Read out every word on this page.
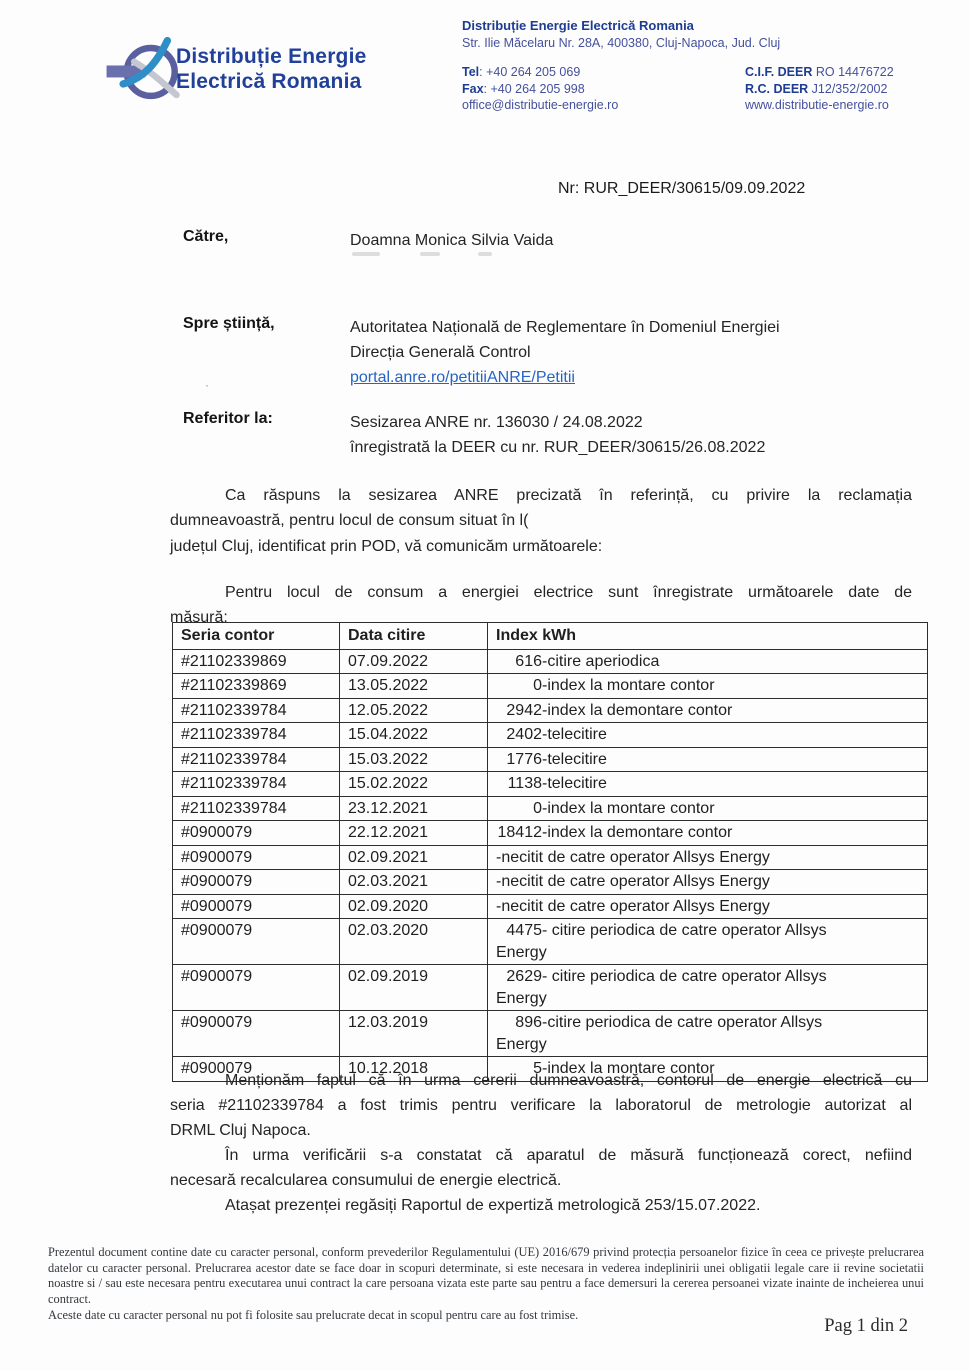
Distribuție Energie
Electrică Romania
Distribuție Energie Electrică Romania
Str. Ilie Măcelaru Nr. 28A, 400380, Cluj-Napoca, Jud. Cluj
Tel: +40 264 205 069
Fax: +40 264 205 998
office@distributie-energie.ro
C.I.F. DEER RO 14476722
R.C. DEER J12/352/2002
www.distributie-energie.ro
Nr: RUR_DEER/30615/09.09.2022
Către,	Doamna Monica Silvia Vaida
Spre știință,	Autoritatea Națională de Reglementare în Domeniul Energiei
Direcția Generală Control
portal.anre.ro/petitiiANRE/Petitii
·
Referitor la:	Sesizarea ANRE nr. 136030 / 24.08.2022
înregistrată la DEER cu nr. RUR_DEER/30615/26.08.2022
Ca răspuns la sesizarea ANRE precizată în referință, cu privire la reclamația
dumneavoastră, pentru locul de consum situat în l(
județul Cluj, identificat prin POD, vă comunicăm următoarele:
Pentru locul de consum a energiei electrice sunt înregistrate următoarele date de
măsură:
Seria contor	Data citire	Index kWh
#21102339869	07.09.2022	616-citire aperiodica
#21102339869	13.05.2022	0-index la montare contor
#21102339784	12.05.2022	2942-index la demontare contor
#21102339784	15.04.2022	2402-telecitire
#21102339784	15.03.2022	1776-telecitire
#21102339784	15.02.2022	1138-telecitire
#21102339784	23.12.2021	0-index la montare contor
#0900079	22.12.2021	18412-index la demontare contor
#0900079	02.09.2021	-necitit de catre operator Allsys Energy
#0900079	02.03.2021	-necitit de catre operator Allsys Energy
#0900079	02.09.2020	-necitit de catre operator Allsys Energy
#0900079	02.03.2020	4475- citire periodica de catre operator Allsys Energy
#0900079	02.09.2019	2629- citire periodica de catre operator Allsys Energy
#0900079	12.03.2019	896-citire periodica de catre operator Allsys Energy
#0900079	10.12.2018	5-index la montare contor
Menționăm faptul că în urma cererii dumneavoastră, contorul de energie electrică cu
seria #21102339784 a fost trimis pentru verificare la laboratorul de metrologie autorizat al
DRML Cluj Napoca.
În urma verificării s-a constatat că aparatul de măsură funcționează corect, nefiind
necesară recalcularea consumului de energie electrică.
Atașat prezenței regăsiți Raportul de expertiză metrologică 253/15.07.2022.
Prezentul document contine date cu caracter personal, conform prevederilor Regulamentului (UE) 2016/679 privind protecția persoanelor fizice în ceea ce privește prelucrarea datelor cu caracter personal. Prelucrarea acestor date se face doar in scopuri determinate, si este necesara in vederea indeplinirii unei obligatii legale care ii revine societatii noastre si / sau este necesara pentru executarea unui contract la care persoana vizata este parte sau pentru a face demersuri la cererea persoanei vizate inainte de incheierea unui contract.
Aceste date cu caracter personal nu pot fi folosite sau prelucrate decat in scopul pentru care au fost trimise.
Pag 1 din 2
